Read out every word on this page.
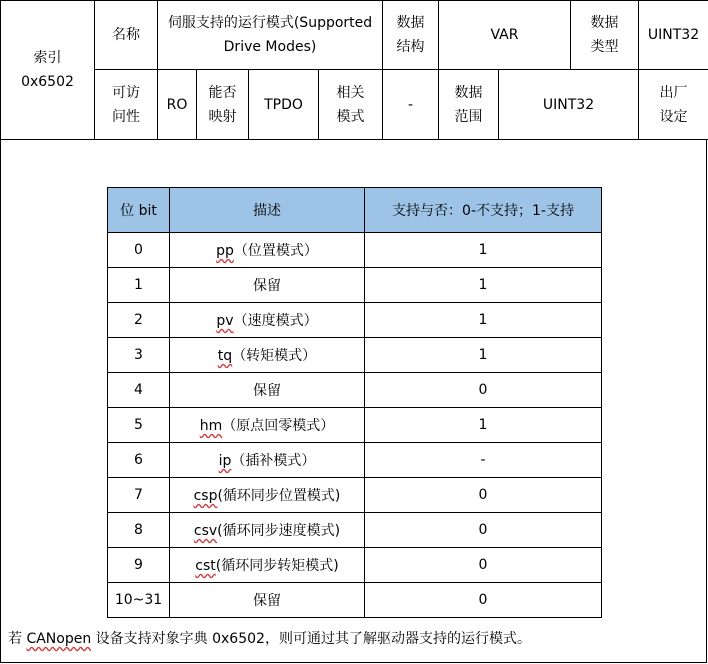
索引
0x6502	名称	伺服支持的运行模式(Supported Drive Modes)				数据结构	VAR		数据类型	UINT32	
	可访问性	RO	能否映射	TPDO	相关模式	-	数据范围	UINT32		出厂设定	
位 bit	描述	支持与否：0-不支持；1-支持
0	pp（位置模式）	1
1	保留	1
2	pv（速度模式）	1
3	tq（转矩模式）	1
4	保留	0
5	hm（原点回零模式）	1
6	ip（插补模式）	-
7	csp(循环同步位置模式)	0
8	csv(循环同步速度模式)	0
9	cst(循环同步转矩模式)	0
10~31	保留	0
若 CANopen 设备支持对象字典 0x6502，则可通过其了解驱动器支持的运行模式。
